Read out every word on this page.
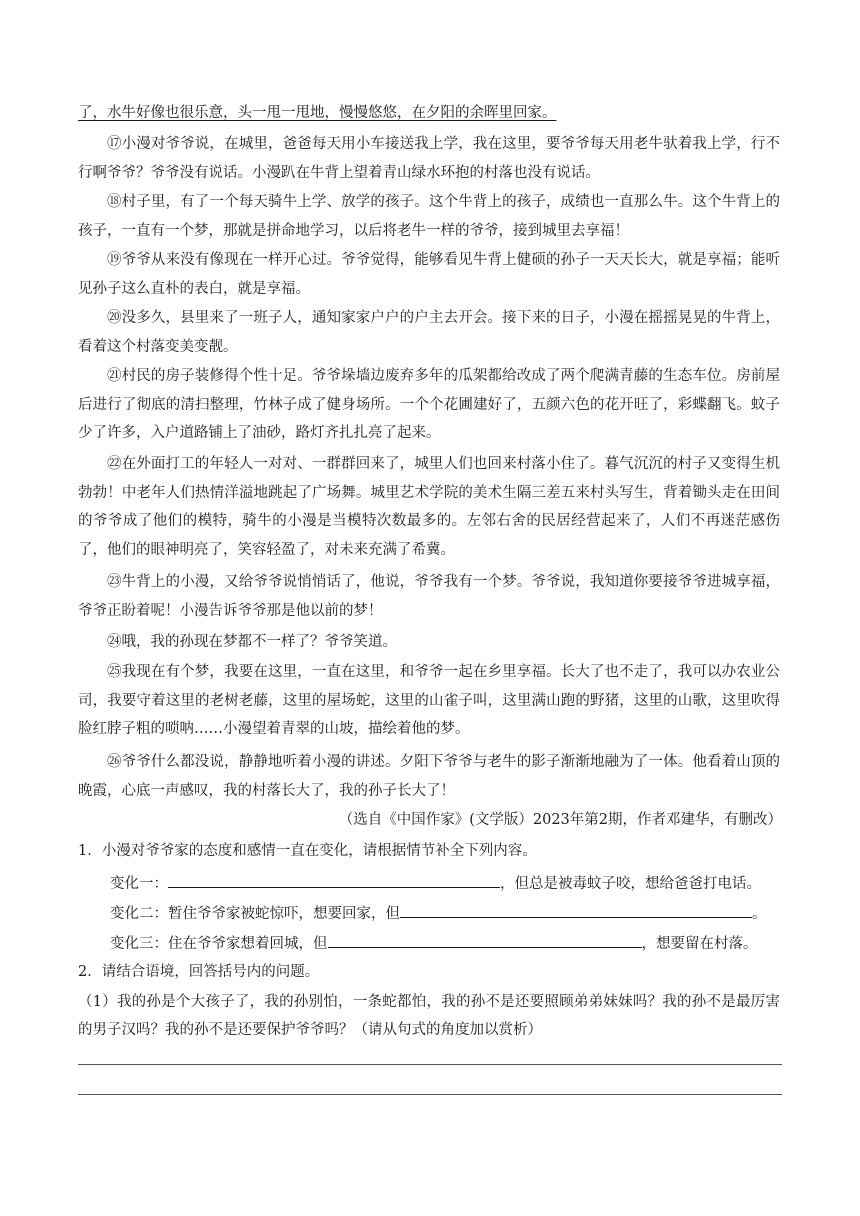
了，水牛好像也很乐意，头一甩一甩地，慢慢悠悠，在夕阳的余晖里回家。

⑰小漫对爷爷说，在城里，爸爸每天用小车接送我上学，我在这里，要爷爷每天用老牛驮着我上学，行不行啊爷爷？爷爷没有说话。小漫趴在牛背上望着青山绿水环抱的村落也没有说话。

⑱村子里，有了一个每天骑牛上学、放学的孩子。这个牛背上的孩子，成绩也一直那么牛。这个牛背上的孩子，一直有一个梦，那就是拼命地学习，以后将老牛一样的爷爷，接到城里去享福！

⑲爷爷从来没有像现在一样开心过。爷爷觉得，能够看见牛背上健硕的孙子一天天长大，就是享福；能听见孙子这么直朴的表白，就是享福。

⑳没多久，县里来了一班子人，通知家家户户的户主去开会。接下来的日子，小漫在摇摇晃晃的牛背上，看着这个村落变美变靓。

㉑村民的房子装修得个性十足。爷爷垛墙边废弃多年的瓜架都给改成了两个爬满青藤的生态车位。房前屋后进行了彻底的清扫整理，竹林子成了健身场所。一个个花圃建好了，五颜六色的花开旺了，彩蝶翻飞。蚊子少了许多，入户道路铺上了油砂，路灯齐扎扎亮了起来。

㉒在外面打工的年轻人一对对、一群群回来了，城里人们也回来村落小住了。暮气沉沉的村子又变得生机勃勃！中老年人们热情洋溢地跳起了广场舞。城里艺术学院的美术生隔三差五来村头写生，背着锄头走在田间的爷爷成了他们的模特，骑牛的小漫是当模特次数最多的。左邻右舍的民居经营起来了，人们不再迷茫感伤了，他们的眼神明亮了，笑容轻盈了，对未来充满了希冀。

㉓牛背上的小漫，又给爷爷说悄悄话了，他说，爷爷我有一个梦。爷爷说，我知道你要接爷爷进城享福，爷爷正盼着呢！小漫告诉爷爷那是他以前的梦！

㉔哦，我的孙现在梦都不一样了？爷爷笑道。

㉕我现在有个梦，我要在这里，一直在这里，和爷爷一起在乡里享福。长大了也不走了，我可以办农业公司，我要守着这里的老树老藤，这里的屋场蛇，这里的山雀子叫，这里满山跑的野猪，这里的山歌，这里吹得脸红脖子粗的唢呐……小漫望着青翠的山坡，描绘着他的梦。

㉖爷爷什么都没说，静静地听着小漫的讲述。夕阳下爷爷与老牛的影子渐渐地融为了一体。他看着山顶的晚霞，心底一声感叹，我的村落长大了，我的孙子长大了！

（选自《中国作家》(文学版）2023年第2期，作者邓建华，有删改）

1．小漫对爷爷家的态度和感情一直在变化，请根据情节补全下列内容。

变化一：	，但总是被毒蚊子咬，想给爸爸打电话。
变化二：暂住爷爷家被蛇惊吓，想要回家，但	。
变化三：住在爷爷家想着回城，但	，想要留在村落。

2．请结合语境，回答括号内的问题。

（1）我的孙是个大孩子了，我的孙别怕，一条蛇都怕，我的孙不是还要照顾弟弟妹妹吗？我的孙不是最厉害的男子汉吗？我的孙不是还要保护爷爷吗？（请从句式的角度加以赏析）
